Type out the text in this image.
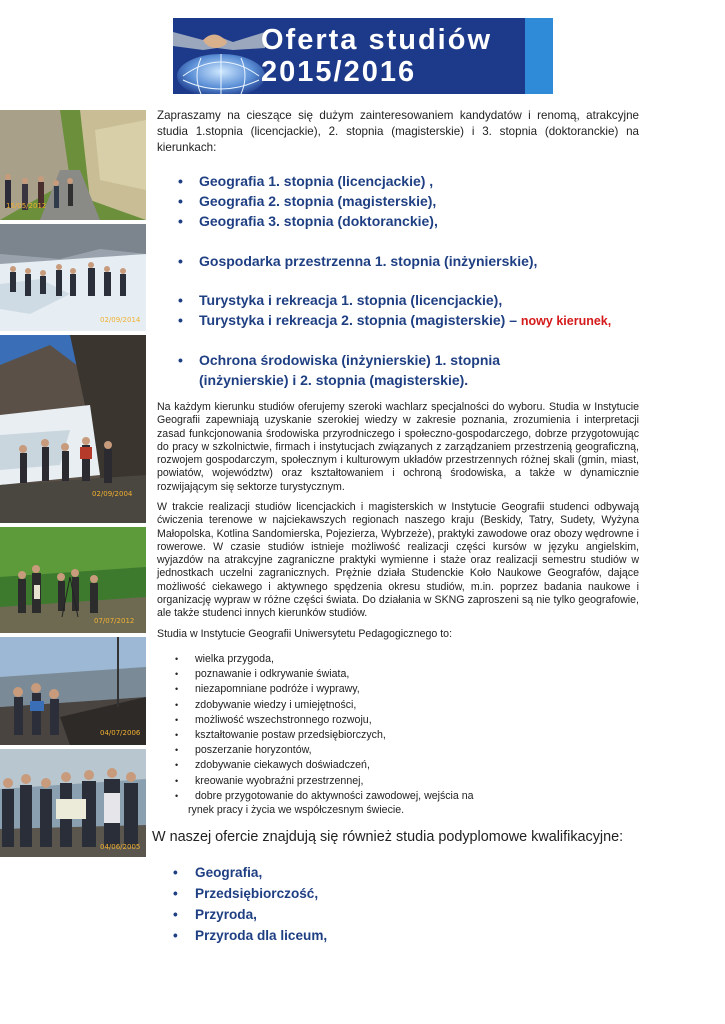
Oferta studiów
2015/2016
15/05/2012
02/09/2014
02/09/2004
07/07/2012
04/07/2006
04/06/2005
Zapraszamy na cieszące się dużym zainteresowaniem kandydatów i renomą, atrakcyjne studia 1.stopnia (licencjackie), 2. stopnia (magisterskie) i 3. stopnia (doktoranckie) na kierunkach:
• Geografia 1. stopnia (licencjackie) ,
• Geografia 2. stopnia (magisterskie),
• Geografia 3. stopnia (doktoranckie),
• Gospodarka przestrzenna 1. stopnia (inżynierskie),
• Turystyka i rekreacja 1. stopnia (licencjackie),
• Turystyka i rekreacja 2. stopnia (magisterskie) – nowy kierunek,
• Ochrona środowiska (inżynierskie) 1. stopnia
(inżynierskie) i 2. stopnia (magisterskie).
Na każdym kierunku studiów oferujemy szeroki wachlarz specjalności do wyboru. Studia w Instytucie Geografii zapewniają uzyskanie szerokiej wiedzy w zakresie poznania, zrozumienia i interpretacji zasad funkcjonowania środowiska przyrodniczego i społeczno-gospodarczego, dobrze przygotowując do pracy w szkolnictwie, firmach i instytucjach związanych z zarządzaniem przestrzenią geograficzną, rozwojem gospodarczym, społecznym i kulturowym układów przestrzennych różnej skali (gmin, miast, powiatów, województw) oraz kształtowaniem i ochroną środowiska, a także w dynamicznie rozwijającym się sektorze turystycznym.
W trakcie realizacji studiów licencjackich i magisterskich w Instytucie Geografii studenci odbywają ćwiczenia terenowe w najciekawszych regionach naszego kraju (Beskidy, Tatry, Sudety, Wyżyna Małopolska, Kotlina Sandomierska, Pojezierza, Wybrzeże), praktyki zawodowe oraz obozy wędrowne i rowerowe. W czasie studiów istnieje możliwość realizacji części kursów w języku angielskim, wyjazdów na atrakcyjne zagraniczne praktyki wymienne i staże oraz realizacji semestru studiów w jednostkach uczelni zagranicznych. Prężnie działa Studenckie Koło Naukowe Geografów, dające możliwość ciekawego i aktywnego spędzenia okresu studiów, m.in. poprzez badania naukowe i organizację wypraw w różne części świata. Do działania w SKNG zaproszeni są nie tylko geografowie, ale także studenci innych kierunków studiów.
Studia w Instytucie Geografii Uniwersytetu Pedagogicznego to:
• wielka przygoda,
• poznawanie i odkrywanie świata,
• niezapomniane podróże i wyprawy,
• zdobywanie wiedzy i umiejętności,
• możliwość wszechstronnego rozwoju,
• kształtowanie postaw przedsiębiorczych,
• poszerzanie horyzontów,
• zdobywanie ciekawych doświadczeń,
• kreowanie wyobraźni przestrzennej,
• dobre przygotowanie do aktywności zawodowej, wejścia na
rynek pracy i życia we współczesnym świecie.
W naszej ofercie znajdują się również studia podyplomowe kwalifikacyjne:
• Geografia,
• Przedsiębiorczość,
• Przyroda,
• Przyroda dla liceum,
